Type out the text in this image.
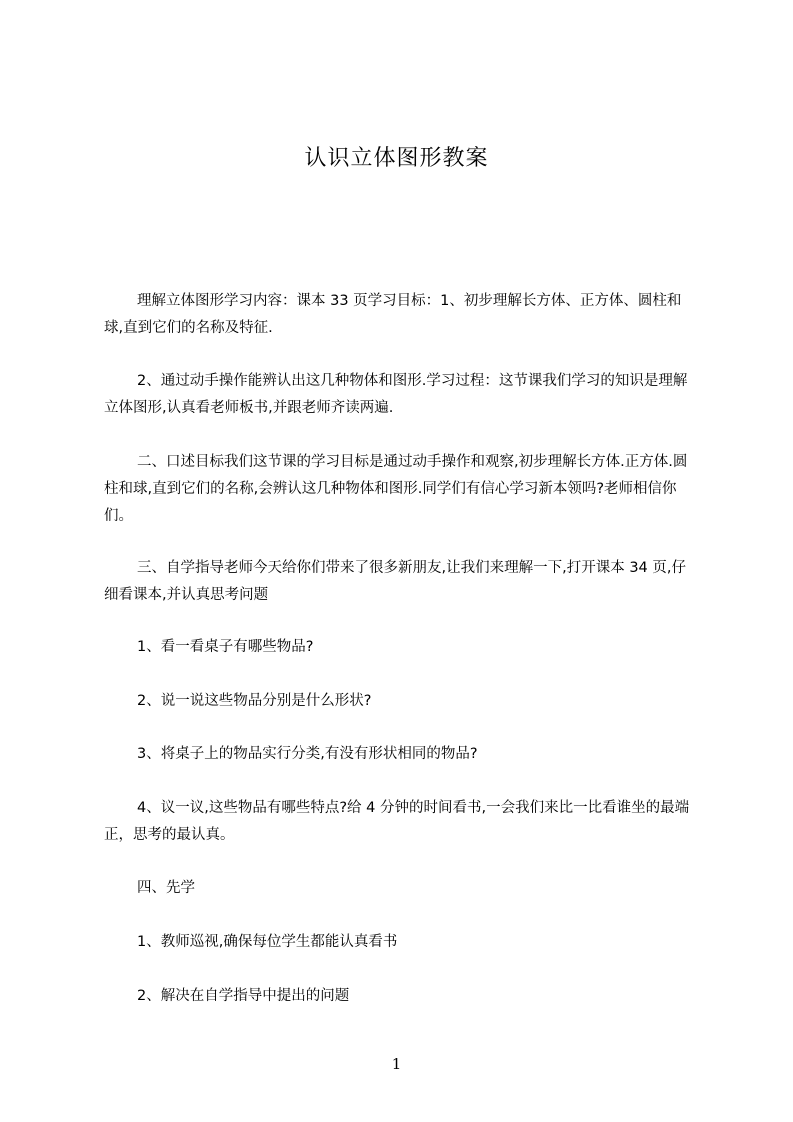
认识立体图形教案

理解立体图形学习内容：课本 33 页学习目标：1、初步理解长方体、正方体、圆柱和球,直到它们的名称及特征.

2、通过动手操作能辨认出这几种物体和图形.学习过程：这节课我们学习的知识是理解立体图形,认真看老师板书,并跟老师齐读两遍.

二、口述目标我们这节课的学习目标是通过动手操作和观察,初步理解长方体.正方体.圆柱和球,直到它们的名称,会辨认这几种物体和图形.同学们有信心学习新本领吗?老师相信你们。

三、自学指导老师今天给你们带来了很多新朋友,让我们来理解一下,打开课本 34 页,仔细看课本,并认真思考问题

1、看一看桌子有哪些物品?

2、说一说这些物品分别是什么形状?

3、将桌子上的物品实行分类,有没有形状相同的物品?

4、议一议,这些物品有哪些特点?给 4 分钟的时间看书,一会我们来比一比看谁坐的最端正，思考的最认真。

四、先学

1、教师巡视,确保每位学生都能认真看书

2、解决在自学指导中提出的问题

1
